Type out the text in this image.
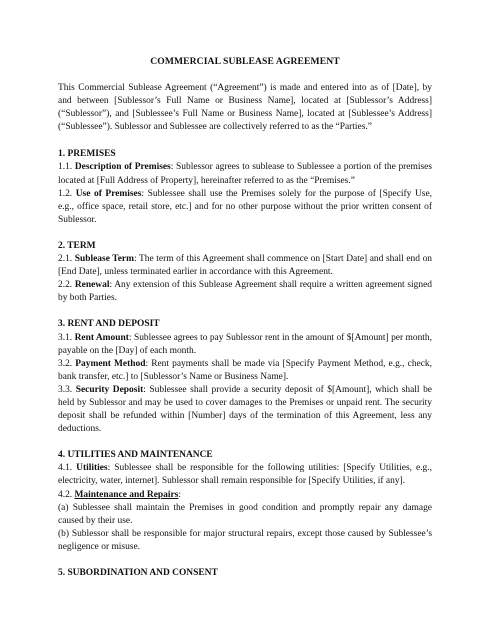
COMMERCIAL SUBLEASE AGREEMENT

This Commercial Sublease Agreement (“Agreement”) is made and entered into as of [Date], by and between [Sublessor’s Full Name or Business Name], located at [Sublessor’s Address] (“Sublessor”), and [Sublessee’s Full Name or Business Name], located at [Sublessee’s Address] (“Sublessee”). Sublessor and Sublessee are collectively referred to as the “Parties.”

1. PREMISES

1.1. Description of Premises: Sublessor agrees to sublease to Sublessee a portion of the premises located at [Full Address of Property], hereinafter referred to as the “Premises.”

1.2. Use of Premises: Sublessee shall use the Premises solely for the purpose of [Specify Use, e.g., office space, retail store, etc.] and for no other purpose without the prior written consent of Sublessor.

2. TERM

2.1. Sublease Term: The term of this Agreement shall commence on [Start Date] and shall end on [End Date], unless terminated earlier in accordance with this Agreement.

2.2. Renewal: Any extension of this Sublease Agreement shall require a written agreement signed by both Parties.

3. RENT AND DEPOSIT

3.1. Rent Amount: Sublessee agrees to pay Sublessor rent in the amount of $[Amount] per month, payable on the [Day] of each month.

3.2. Payment Method: Rent payments shall be made via [Specify Payment Method, e.g., check, bank transfer, etc.] to [Sublessor’s Name or Business Name].

3.3. Security Deposit: Sublessee shall provide a security deposit of $[Amount], which shall be held by Sublessor and may be used to cover damages to the Premises or unpaid rent. The security deposit shall be refunded within [Number] days of the termination of this Agreement, less any deductions.

4. UTILITIES AND MAINTENANCE

4.1. Utilities: Sublessee shall be responsible for the following utilities: [Specify Utilities, e.g., electricity, water, internet]. Sublessor shall remain responsible for [Specify Utilities, if any].

4.2. Maintenance and Repairs:

(a) Sublessee shall maintain the Premises in good condition and promptly repair any damage caused by their use.

(b) Sublessor shall be responsible for major structural repairs, except those caused by Sublessee’s negligence or misuse.

5. SUBORDINATION AND CONSENT
